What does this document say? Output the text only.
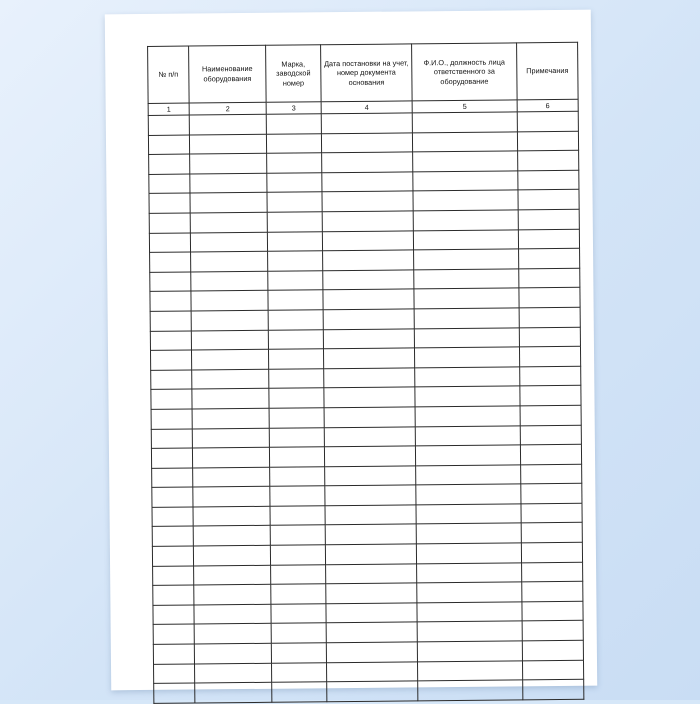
№ п/п	Наименование оборудования	Марка, заводской номер	Дата постановки на учет, номер документа основания	Ф.И.О., должность лица ответственного за оборудование	Примечания
1	2	3	4	5	6
